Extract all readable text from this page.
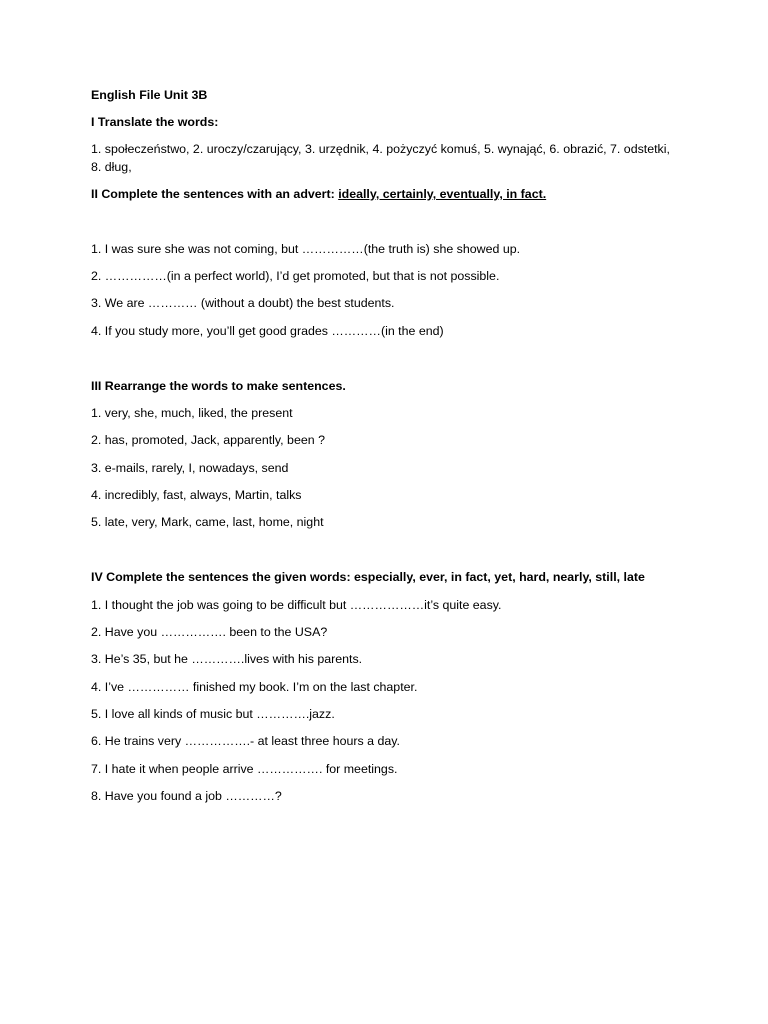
English File Unit 3B

I Translate the words:

1. społeczeństwo, 2. uroczy/czarujący, 3. urzędnik, 4. pożyczyć komuś, 5. wynająć, 6. obrazić, 7. odstetki, 8. dług,

II Complete the sentences with an advert: ideally, certainly, eventually, in fact.

1. I was sure she was not coming, but ……………(the truth is) she showed up.

2. ……………(in a perfect world), I’d get promoted, but that is not possible.

3. We are ………… (without a doubt) the best students.

4. If you study more, you’ll get good grades …………(in the end)

III Rearrange the words to make sentences.

1. very, she, much, liked, the present

2. has, promoted, Jack, apparently, been ?

3. e-mails, rarely, I, nowadays, send

4. incredibly, fast, always, Martin, talks

5. late, very, Mark, came, last, home, night

IV Complete the sentences the given words: especially, ever, in fact, yet, hard, nearly, still, late

1. I thought the job was going to be difficult but ………………it’s quite easy.

2. Have you ……………. been to the USA?

3. He’s 35, but he ………….lives with his parents.

4. I’ve …………… finished my book. I’m on the last chapter.

5. I love all kinds of music but ………….jazz.

6. He trains very …………….- at least three hours a day.

7. I hate it when people arrive ……………. for meetings.

8. Have you found a job …………?
